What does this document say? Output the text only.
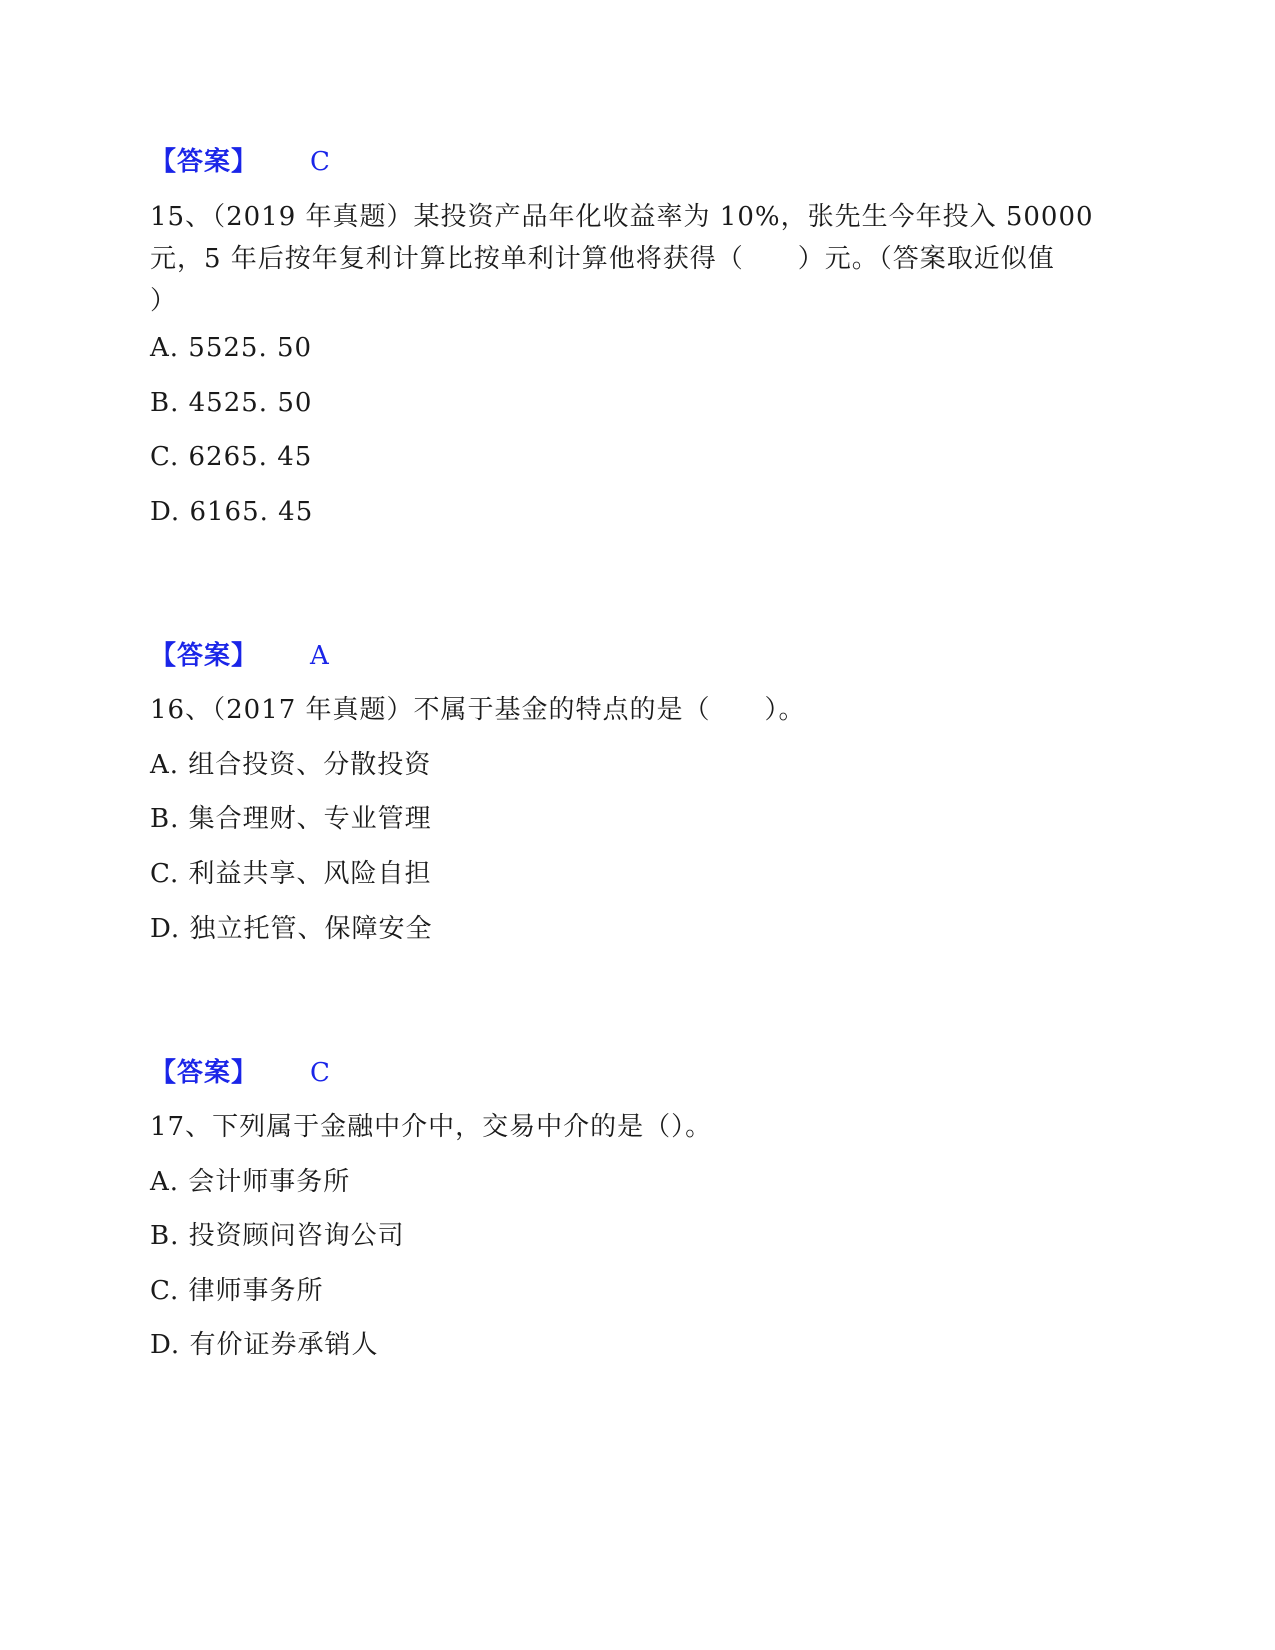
【答案】 C
15、（2019 年真题）某投资产品年化收益率为 10%，张先生今年投入 50000
元，5 年后按年复利计算比按单利计算他将获得（　　）元。（答案取近似值
）
A. 5525. 50
B. 4525. 50
C. 6265. 45
D. 6165. 45
【答案】 A
16、（2017 年真题）不属于基金的特点的是（　　）。
A. 组合投资、分散投资
B. 集合理财、专业管理
C. 利益共享、风险自担
D. 独立托管、保障安全
【答案】 C
17、下列属于金融中介中，交易中介的是（）。
A. 会计师事务所
B. 投资顾问咨询公司
C. 律师事务所
D. 有价证券承销人
